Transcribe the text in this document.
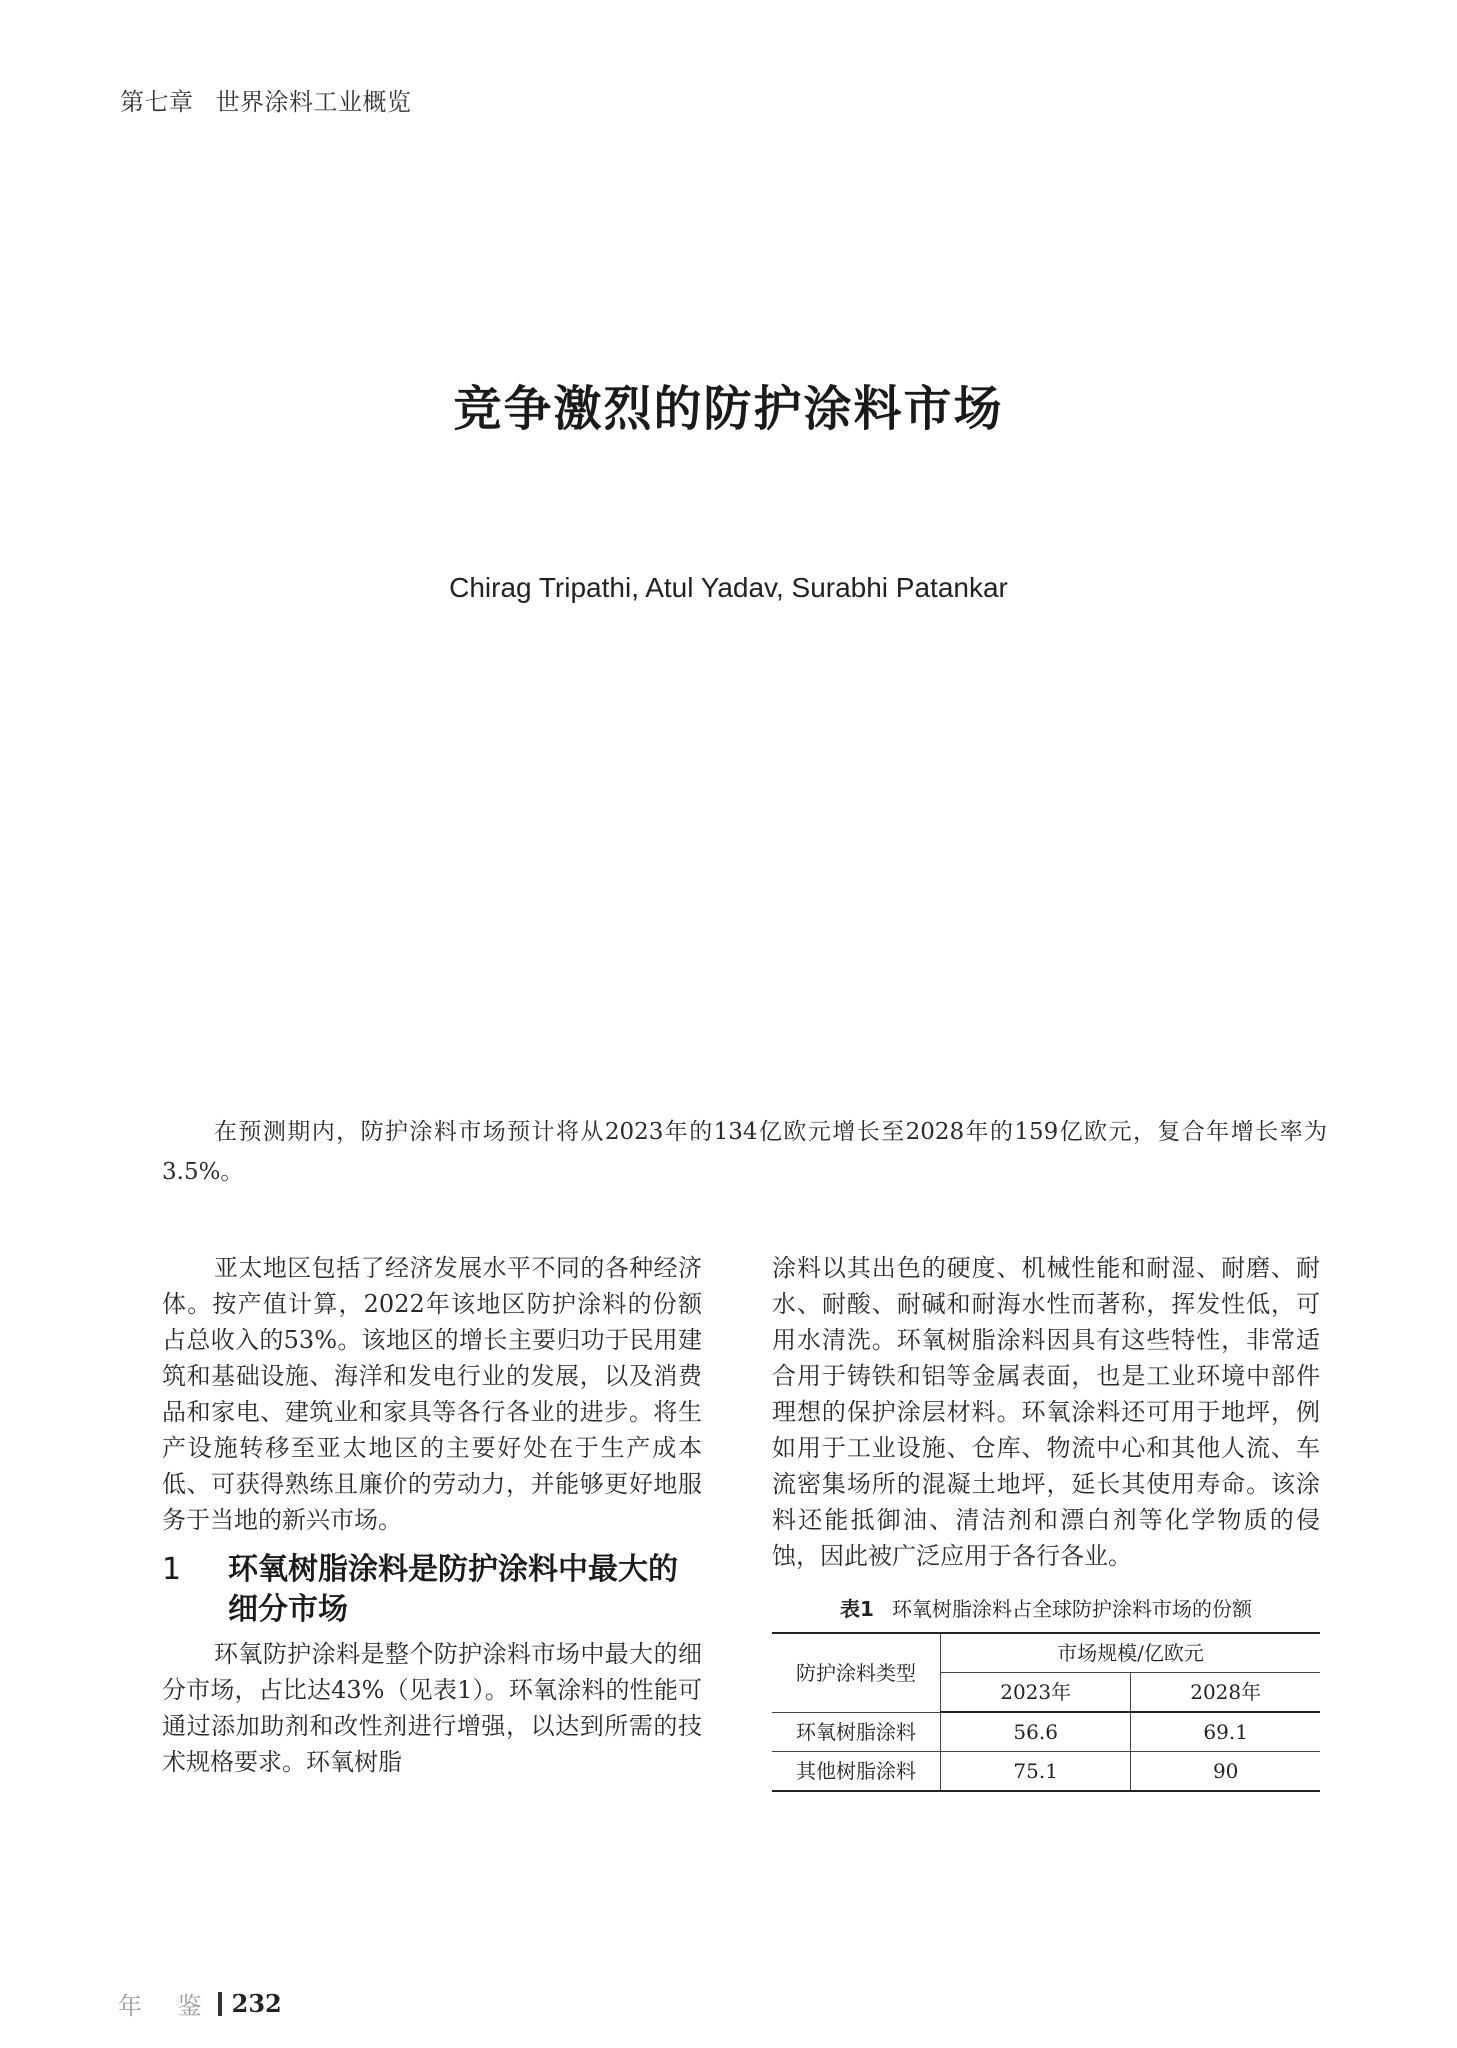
第七章 世界涂料工业概览
竞争激烈的防护涂料市场
Chirag Tripathi, Atul Yadav, Surabhi Patankar

在预测期内，防护涂料市场预计将从2023年的134亿欧元增长至2028年的159亿欧元，复合年增长率为3.5%。

亚太地区包括了经济发展水平不同的各种经济体。按产值计算，2022年该地区防护涂料的份额占总收入的53%。该地区的增长主要归功于民用建筑和基础设施、海洋和发电行业的发展，以及消费品和家电、建筑业和家具等各行各业的进步。将生产设施转移至亚太地区的主要好处在于生产成本低、可获得熟练且廉价的劳动力，并能够更好地服务于当地的新兴市场。

1	环氧树脂涂料是防护涂料中最大的细分市场

环氧防护涂料是整个防护涂料市场中最大的细分市场，占比达43%（见表1）。环氧涂料的性能可通过添加助剂和改性剂进行增强，以达到所需的技术规格要求。环氧树脂

涂料以其出色的硬度、机械性能和耐湿、耐磨、耐水、耐酸、耐碱和耐海水性而著称，挥发性低，可用水清洗。环氧树脂涂料因具有这些特性，非常适合用于铸铁和铝等金属表面，也是工业环境中部件理想的保护涂层材料。环氧涂料还可用于地坪，例如用于工业设施、仓库、物流中心和其他人流、车流密集场所的混凝土地坪，延长其使用寿命。该涂料还能抵御油、清洁剂和漂白剂等化学物质的侵蚀，因此被广泛应用于各行各业。

表1 环氧树脂涂料占全球防护涂料市场的份额
防护涂料类型	市场规模/亿欧元	
	2023年	2028年
环氧树脂涂料	56.6	69.1
其他树脂涂料	75.1	90
年 鉴 232
